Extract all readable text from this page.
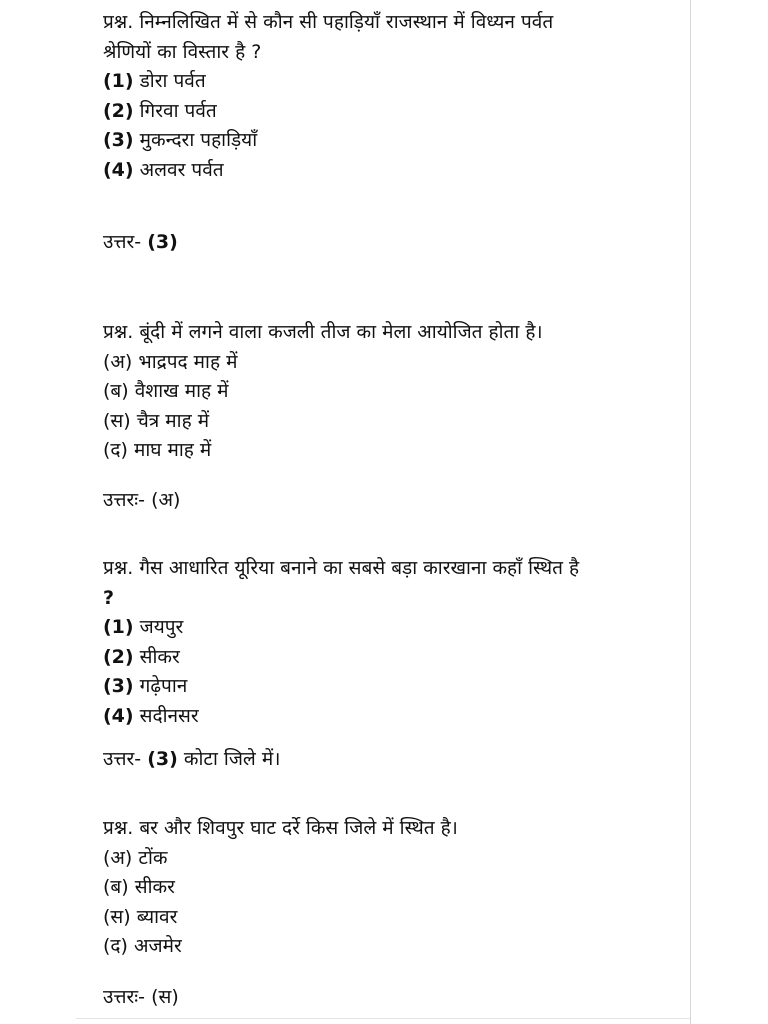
प्रश्न. निम्नलिखित में से कौन सी पहाड़ियाँ राजस्थान में विध्यन पर्वत
श्रेणियों का विस्तार है ?
(1) डोरा पर्वत
(2) गिरवा पर्वत
(3) मुकन्दरा पहाड़ियाँ
(4) अलवर पर्वत
उत्तर- (3)
प्रश्न. बूंदी में लगने वाला कजली तीज का मेला आयोजित होता है।
(अ) भाद्रपद माह में
(ब) वैशाख माह में
(स) चैत्र माह में
(द) माघ माह में
उत्तरः- (अ)
प्रश्न. गैस आधारित यूरिया बनाने का सबसे बड़ा कारखाना कहाँ स्थित है
?
(1) जयपुर
(2) सीकर
(3) गढ़ेपान
(4) सदीनसर
उत्तर- (3) कोटा जिले में।
प्रश्न. बर और शिवपुर घाट दर्रे किस जिले में स्थित है।
(अ) टोंक
(ब) सीकर
(स) ब्यावर
(द) अजमेर
उत्तरः- (स)
